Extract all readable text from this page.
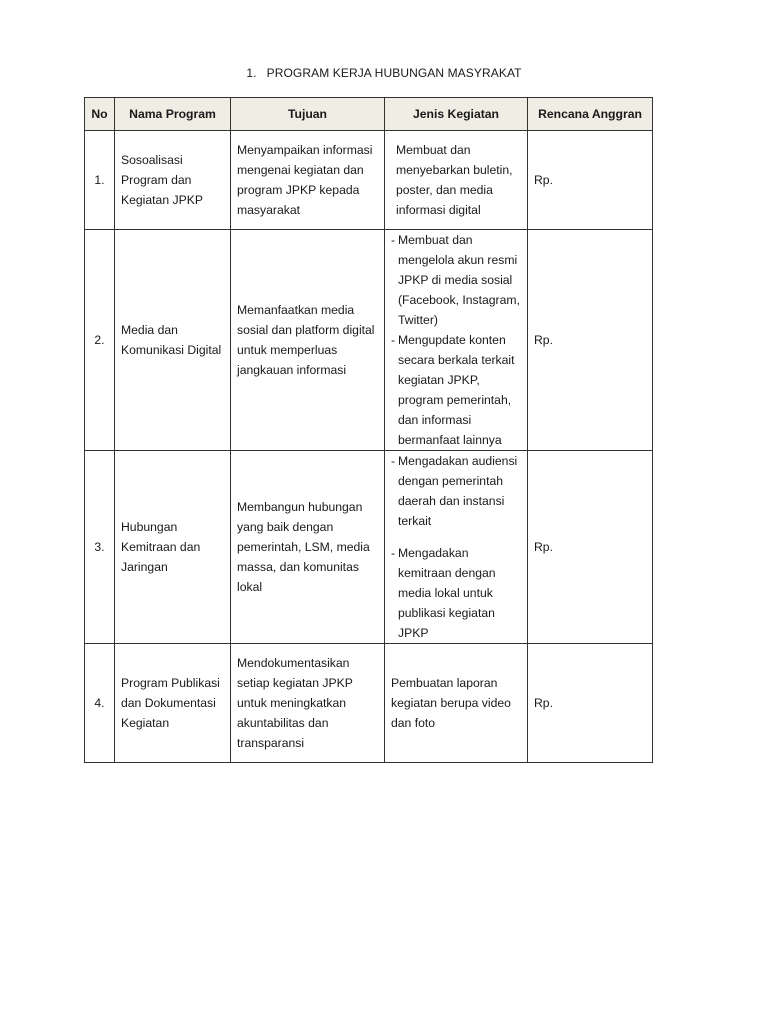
1. PROGRAM KERJA HUBUNGAN MASYRAKAT
No	Nama Program	Tujuan	Jenis Kegiatan	Rencana Anggran
1.	Sosoalisasi Program dan Kegiatan JPKP	Menyampaikan informasi mengenai kegiatan dan program JPKP kepada masyarakat	Membuat dan menyebarkan buletin, poster, dan media informasi digital	Rp.
2.	Media dan Komunikasi Digital	Memanfaatkan media sosial dan platform digital untuk memperluas jangkauan informasi	- Membuat dan mengelola akun resmi JPKP di media sosial (Facebook, Instagram, Twitter)
- Mengupdate konten secara berkala terkait kegiatan JPKP, program pemerintah, dan informasi bermanfaat lainnya	Rp.
3.	Hubungan Kemitraan dan Jaringan	Membangun hubungan yang baik dengan pemerintah, LSM, media massa, dan komunitas lokal	- Mengadakan audiensi dengan pemerintah daerah dan instansi terkait
- Mengadakan kemitraan dengan media lokal untuk publikasi kegiatan JPKP	Rp.
4.	Program Publikasi dan Dokumentasi Kegiatan	Mendokumentasikan setiap kegiatan JPKP untuk meningkatkan akuntabilitas dan transparansi	Pembuatan laporan kegiatan berupa video dan foto	Rp.
